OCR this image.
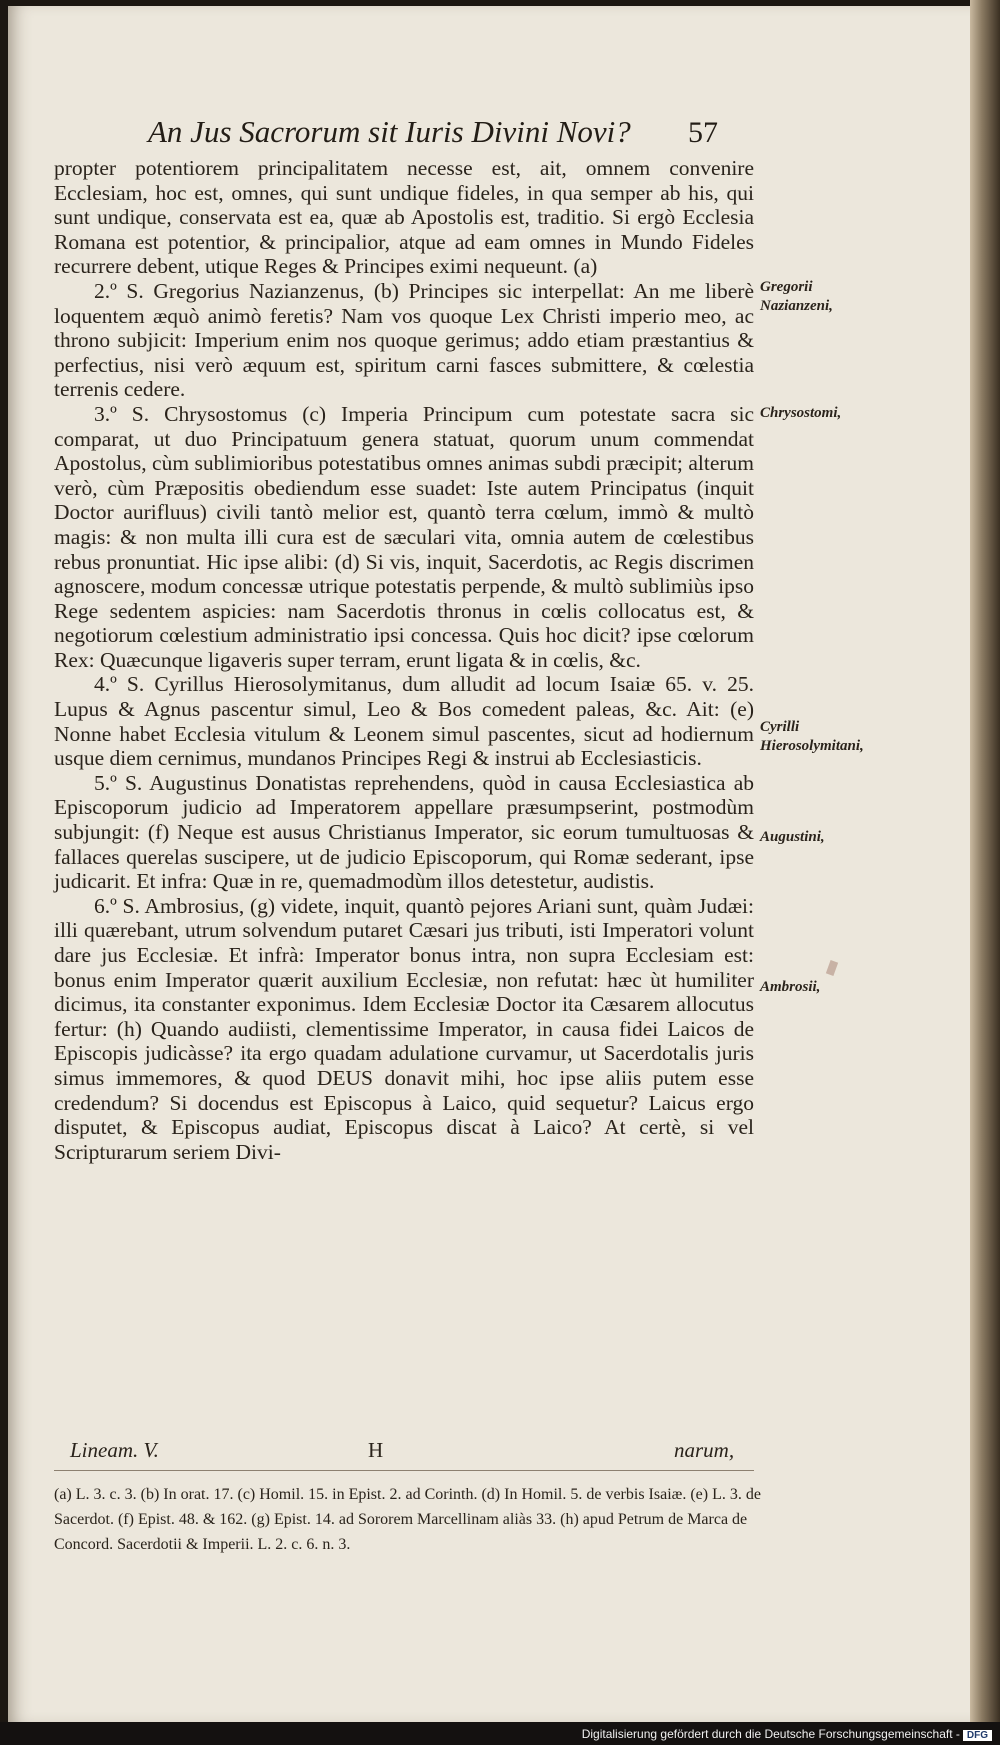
An Jus Sacrorum sit Iuris Divini Novi?	57

propter potentiorem principalitatem necesse est, ait, omnem convenire Ecclesiam, hoc est, omnes, qui sunt undique fideles, in qua semper ab his, qui sunt undique, conservata est ea, quæ ab Apostolis est, traditio. Si ergò Ecclesia Romana est potentior, & principalior, atque ad eam omnes in Mundo Fideles recurrere debent, utique Reges & Principes eximi nequeunt. (a)

2.º S. Gregorius Nazianzenus, (b) Principes sic interpellat: An me liberè loquentem æquò animò feretis? Nam vos quoque Lex Christi imperio meo, ac throno subjicit: Imperium enim nos quoque gerimus; addo etiam præstantius & perfectius, nisi verò æquum est, spiritum carni fasces submittere, & cœlestia terrenis cedere.

3.º S. Chrysostomus (c) Imperia Principum cum potestate sacra sic comparat, ut duo Principatuum genera statuat, quorum unum commendat Apostolus, cùm sublimioribus potestatibus omnes animas subdi præcipit; alterum verò, cùm Præpositis obediendum esse suadet: Iste autem Principatus (inquit Doctor aurifluus) civili tantò melior est, quantò terra cœlum, immò & multò magis: & non multa illi cura est de sæculari vita, omnia autem de cœlestibus rebus pronuntiat. Hic ipse alibi: (d) Si vis, inquit, Sacerdotis, ac Regis discrimen agnoscere, modum concessæ utrique potestatis perpende, & multò sublimiùs ipso Rege sedentem aspicies: nam Sacerdotis thronus in cœlis collocatus est, & negotiorum cœlestium administratio ipsi concessa. Quis hoc dicit? ipse cœlorum Rex: Quæcunque ligaveris super terram, erunt ligata & in cœlis, &c.

4.º S. Cyrillus Hierosolymitanus, dum alludit ad locum Isaiæ 65. v. 25. Lupus & Agnus pascentur simul, Leo & Bos comedent paleas, &c. Ait: (e) Nonne habet Ecclesia vitulum & Leonem simul pascentes, sicut ad hodiernum usque diem cernimus, mundanos Principes Regi & instrui ab Ecclesiasticis.

5.º S. Augustinus Donatistas reprehendens, quòd in causa Ecclesiastica ab Episcoporum judicio ad Imperatorem appellare præsumpserint, postmodùm subjungit: (f) Neque est ausus Christianus Imperator, sic eorum tumultuosas & fallaces querelas suscipere, ut de judicio Episcoporum, qui Romæ sederant, ipse judicarit. Et infra: Quæ in re, quemadmodùm illos detestetur, audistis.

6.º S. Ambrosius, (g) videte, inquit, quantò pejores Ariani sunt, quàm Judæi: illi quærebant, utrum solvendum putaret Cæsari jus tributi, isti Imperatori volunt dare jus Ecclesiæ. Et infrà: Imperator bonus intra, non supra Ecclesiam est: bonus enim Imperator quærit auxilium Ecclesiæ, non refutat: hæc ùt humiliter dicimus, ita constanter exponimus. Idem Ecclesiæ Doctor ita Cæsarem allocutus fertur: (h) Quando audiisti, clementissime Imperator, in causa fidei Laicos de Episcopis judicàsse? ita ergo quadam adulatione curvamur, ut Sacerdotalis juris simus immemores, & quod DEUS donavit mihi, hoc ipse aliis putem esse credendum? Si docendus est Episcopus à Laico, quid sequetur? Laicus ergo disputet, & Episcopus audiat, Episcopus discat à Laico? At certè, si vel Scripturarum seriem Divi-

Gregorii Nazianzeni,
Chrysostomi,
Cyrilli Hierosolymitani,
Augustini,
Ambrosii,
Lineam. V.	H	narum,
(a) L. 3. c. 3. (b) In orat. 17. (c) Homil. 15. in Epist. 2. ad Corinth. (d) In Homil. 5. de verbis Isaiæ. (e) L. 3. de Sacerdot. (f) Epist. 48. & 162. (g) Epist. 14. ad Sororem Marcellinam aliàs 33. (h) apud Petrum de Marca de Concord. Sacerdotii & Imperii. L. 2. c. 6. n. 3.
Digitalisierung gefördert durch die Deutsche Forschungsgemeinschaft - DFG
